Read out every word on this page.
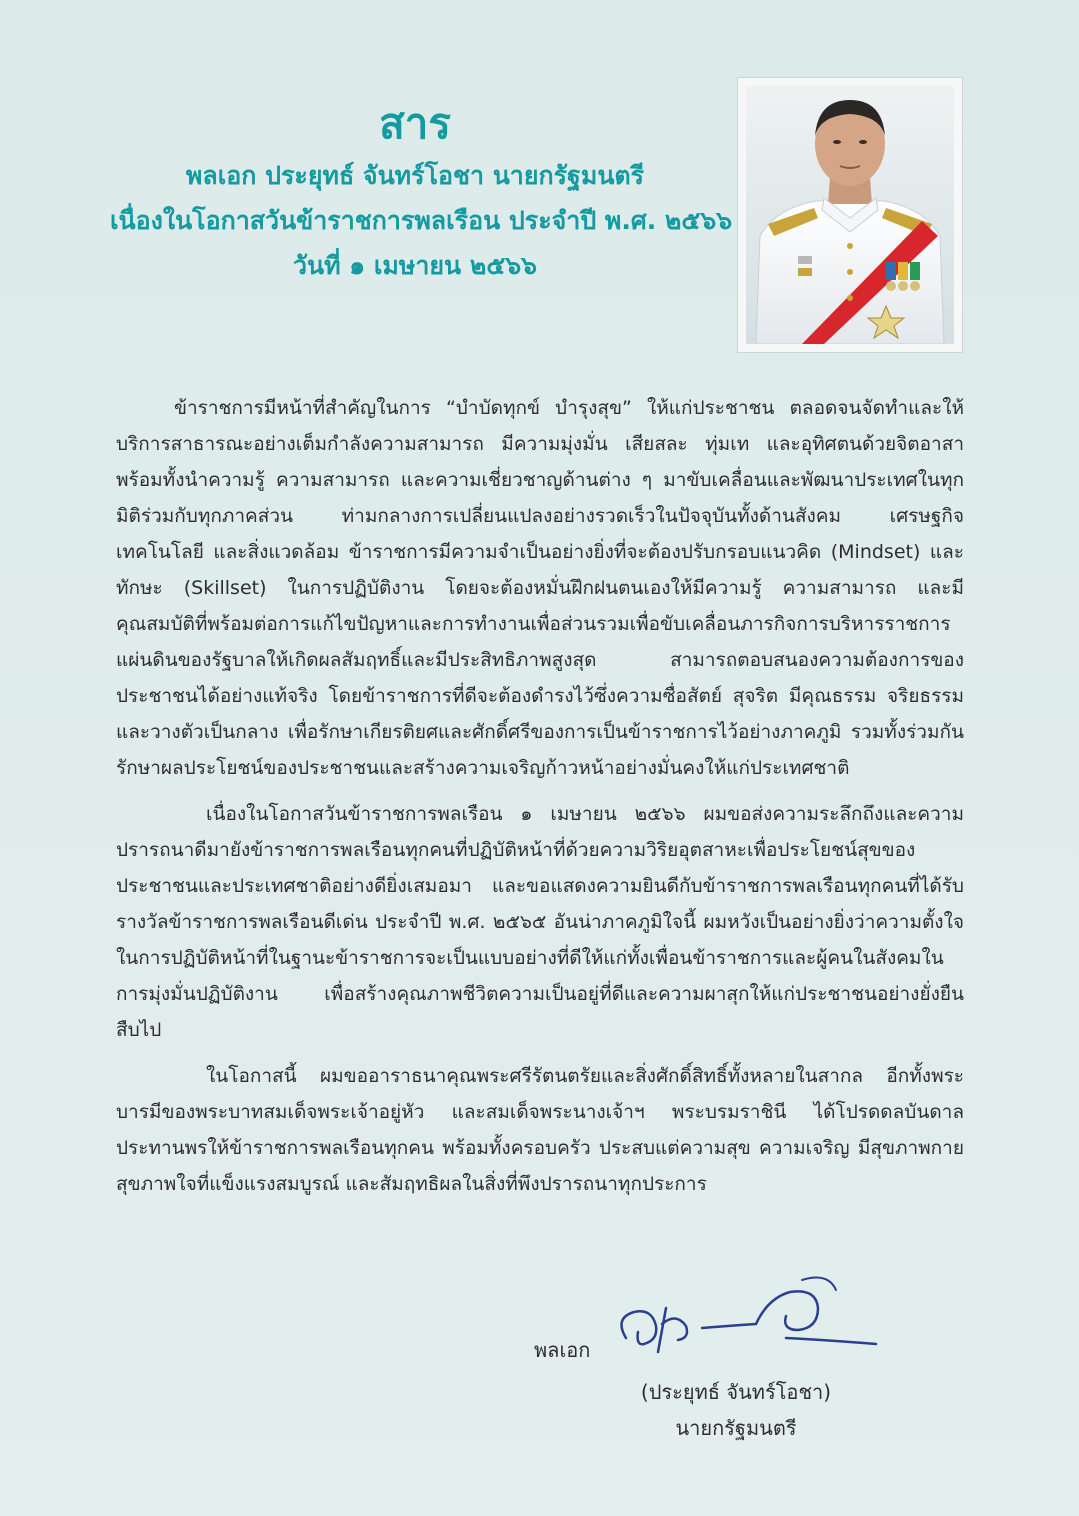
สาร

พลเอก ประยุทธ์ จันทร์โอชา นายกรัฐมนตรี

เนื่องในโอกาสวันข้าราชการพลเรือน ประจำปี พ.ศ. ๒๕๖๖

วันที่ ๑ เมษายน ๒๕๖๖

ข้าราชการมีหน้าที่สำคัญในการ “บำบัดทุกข์ บำรุงสุข” ให้แก่ประชาชน ตลอดจนจัดทำและให้บริการสาธารณะอย่างเต็มกำลังความสามารถ มีความมุ่งมั่น เสียสละ ทุ่มเท และอุทิศตนด้วยจิตอาสา พร้อมทั้งนำความรู้ ความสามารถ และความเชี่ยวชาญด้านต่าง ๆ มาขับเคลื่อนและพัฒนาประเทศในทุกมิติร่วมกับทุกภาคส่วน ท่ามกลางการเปลี่ยนแปลงอย่างรวดเร็วในปัจจุบันทั้งด้านสังคม เศรษฐกิจ เทคโนโลยี และสิ่งแวดล้อม ข้าราชการมีความจำเป็นอย่างยิ่งที่จะต้องปรับกรอบแนวคิด (Mindset) และทักษะ (Skillset) ในการปฏิบัติงาน โดยจะต้องหมั่นฝึกฝนตนเองให้มีความรู้ ความสามารถ และมีคุณสมบัติที่พร้อมต่อการแก้ไขปัญหาและการทำงานเพื่อส่วนรวมเพื่อขับเคลื่อนภารกิจการบริหารราชการแผ่นดินของรัฐบาลให้เกิดผลสัมฤทธิ์และมีประสิทธิภาพสูงสุด สามารถตอบสนองความต้องการของประชาชนได้อย่างแท้จริง โดยข้าราชการที่ดีจะต้องดำรงไว้ซึ่งความซื่อสัตย์ สุจริต มีคุณธรรม จริยธรรม และวางตัวเป็นกลาง เพื่อรักษาเกียรติยศและศักดิ์ศรีของการเป็นข้าราชการไว้อย่างภาคภูมิ รวมทั้งร่วมกันรักษาผลประโยชน์ของประชาชนและสร้างความเจริญก้าวหน้าอย่างมั่นคงให้แก่ประเทศชาติ

เนื่องในโอกาสวันข้าราชการพลเรือน ๑ เมษายน ๒๕๖๖ ผมขอส่งความระลึกถึงและความปรารถนาดีมายังข้าราชการพลเรือนทุกคนที่ปฏิบัติหน้าที่ด้วยความวิริยอุตสาหะเพื่อประโยชน์สุขของประชาชนและประเทศชาติอย่างดียิ่งเสมอมา และขอแสดงความยินดีกับข้าราชการพลเรือนทุกคนที่ได้รับรางวัลข้าราชการพลเรือนดีเด่น ประจำปี พ.ศ. ๒๕๖๕ อันน่าภาคภูมิใจนี้ ผมหวังเป็นอย่างยิ่งว่าความตั้งใจในการปฏิบัติหน้าที่ในฐานะข้าราชการจะเป็นแบบอย่างที่ดีให้แก่ทั้งเพื่อนข้าราชการและผู้คนในสังคมในการมุ่งมั่นปฏิบัติงาน เพื่อสร้างคุณภาพชีวิตความเป็นอยู่ที่ดีและความผาสุกให้แก่ประชาชนอย่างยั่งยืนสืบไป

ในโอกาสนี้ ผมขออาราธนาคุณพระศรีรัตนตรัยและสิ่งศักดิ์สิทธิ์ทั้งหลายในสากล อีกทั้งพระบารมีของพระบาทสมเด็จพระเจ้าอยู่หัว และสมเด็จพระนางเจ้าฯ พระบรมราชินี ได้โปรดดลบันดาลประทานพรให้ข้าราชการพลเรือนทุกคน พร้อมทั้งครอบครัว ประสบแต่ความสุข ความเจริญ มีสุขภาพกาย สุขภาพใจที่แข็งแรงสมบูรณ์ และสัมฤทธิผลในสิ่งที่พึงปรารถนาทุกประการ

พลเอก
(ประยุทธ์ จันทร์โอชา)
นายกรัฐมนตรี
